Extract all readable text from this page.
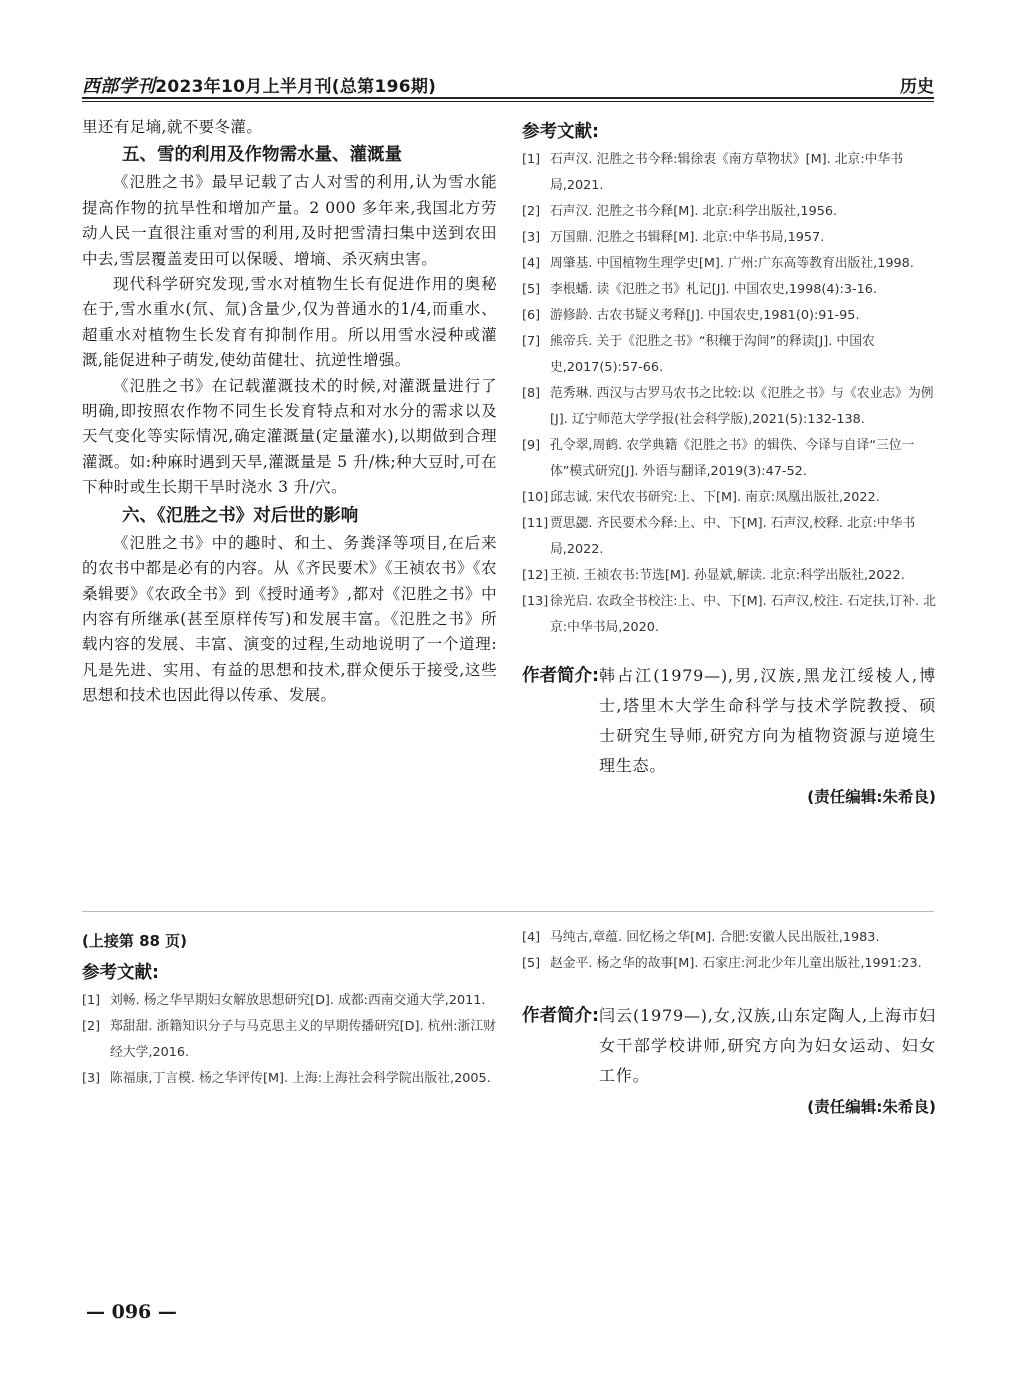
西部学刊2023年10月上半月刊(总第196期)	历史

里还有足墒,就不要冬灌。

五、雪的利用及作物需水量、灌溉量

《氾胜之书》最早记载了古人对雪的利用,认为雪水能提高作物的抗旱性和增加产量。2 000 多年来,我国北方劳动人民一直很注重对雪的利用,及时把雪清扫集中送到农田中去,雪层覆盖麦田可以保暖、增墒、杀灭病虫害。

现代科学研究发现,雪水对植物生长有促进作用的奥秘在于,雪水重水(氘、氚)含量少,仅为普通水的1/4,而重水、超重水对植物生长发育有抑制作用。所以用雪水浸种或灌溉,能促进种子萌发,使幼苗健壮、抗逆性增强。

《氾胜之书》在记载灌溉技术的时候,对灌溉量进行了明确,即按照农作物不同生长发育特点和对水分的需求以及天气变化等实际情况,确定灌溉量(定量灌水),以期做到合理灌溉。如:种麻时遇到天旱,灌溉量是 5 升/株;种大豆时,可在下种时或生长期干旱时浇水 3 升/穴。

六、《氾胜之书》对后世的影响

《氾胜之书》中的趣时、和土、务粪泽等项目,在后来的农书中都是必有的内容。从《齐民要术》《王祯农书》《农桑辑要》《农政全书》到《授时通考》,都对《氾胜之书》中内容有所继承(甚至原样传写)和发展丰富。《氾胜之书》所载内容的发展、丰富、演变的过程,生动地说明了一个道理:凡是先进、实用、有益的思想和技术,群众便乐于接受,这些思想和技术也因此得以传承、发展。

参考文献:

[1] 石声汉. 氾胜之书今释:辑徐衷《南方草物状》[M]. 北京:中华书局,2021.

[2] 石声汉. 氾胜之书今释[M]. 北京:科学出版社,1956.

[3] 万国鼎. 氾胜之书辑释[M]. 北京:中华书局,1957.

[4] 周肇基. 中国植物生理学史[M]. 广州:广东高等教育出版社,1998.

[5] 李根蟠. 读《氾胜之书》札记[J]. 中国农史,1998(4):3-16.

[6] 游修龄. 古农书疑义考释[J]. 中国农史,1981(0):91-95.

[7] 熊帝兵. 关于《氾胜之书》“积穰于沟间”的释读[J]. 中国农史,2017(5):57-66.

[8] 范秀琳. 西汉与古罗马农书之比较:以《氾胜之书》与《农业志》为例[J]. 辽宁师范大学学报(社会科学版),2021(5):132-138.

[9] 孔令翠,周鹤. 农学典籍《氾胜之书》的辑佚、今译与自译“三位一体”模式研究[J]. 外语与翻译,2019(3):47-52.

[10] 邱志诚. 宋代农书研究:上、下[M]. 南京:凤凰出版社,2022.

[11] 贾思勰. 齐民要术今释:上、中、下[M]. 石声汉,校释. 北京:中华书局,2022.

[12] 王祯. 王祯农书:节选[M]. 孙显斌,解读. 北京:科学出版社,2022.

[13] 徐光启. 农政全书校注:上、中、下[M]. 石声汉,校注. 石定扶,订补. 北京:中华书局,2020.

作者简介: 韩占江(1979—),男,汉族,黑龙江绥棱人,博士,塔里木大学生命科学与技术学院教授、硕士研究生导师,研究方向为植物资源与逆境生理生态。
(责任编辑:朱希良)

(上接第 88 页)

参考文献:

[1] 刘畅. 杨之华早期妇女解放思想研究[D]. 成都:西南交通大学,2011.

[2] 郑甜甜. 浙籍知识分子与马克思主义的早期传播研究[D]. 杭州:浙江财经大学,2016.

[3] 陈福康,丁言模. 杨之华评传[M]. 上海:上海社会科学院出版社,2005.

[4] 马纯古,章蕴. 回忆杨之华[M]. 合肥:安徽人民出版社,1983.

[5] 赵金平. 杨之华的故事[M]. 石家庄:河北少年儿童出版社,1991:23.

作者简介: 闫云(1979—),女,汉族,山东定陶人,上海市妇女干部学校讲师,研究方向为妇女运动、妇女工作。
(责任编辑:朱希良)
— 096 —
